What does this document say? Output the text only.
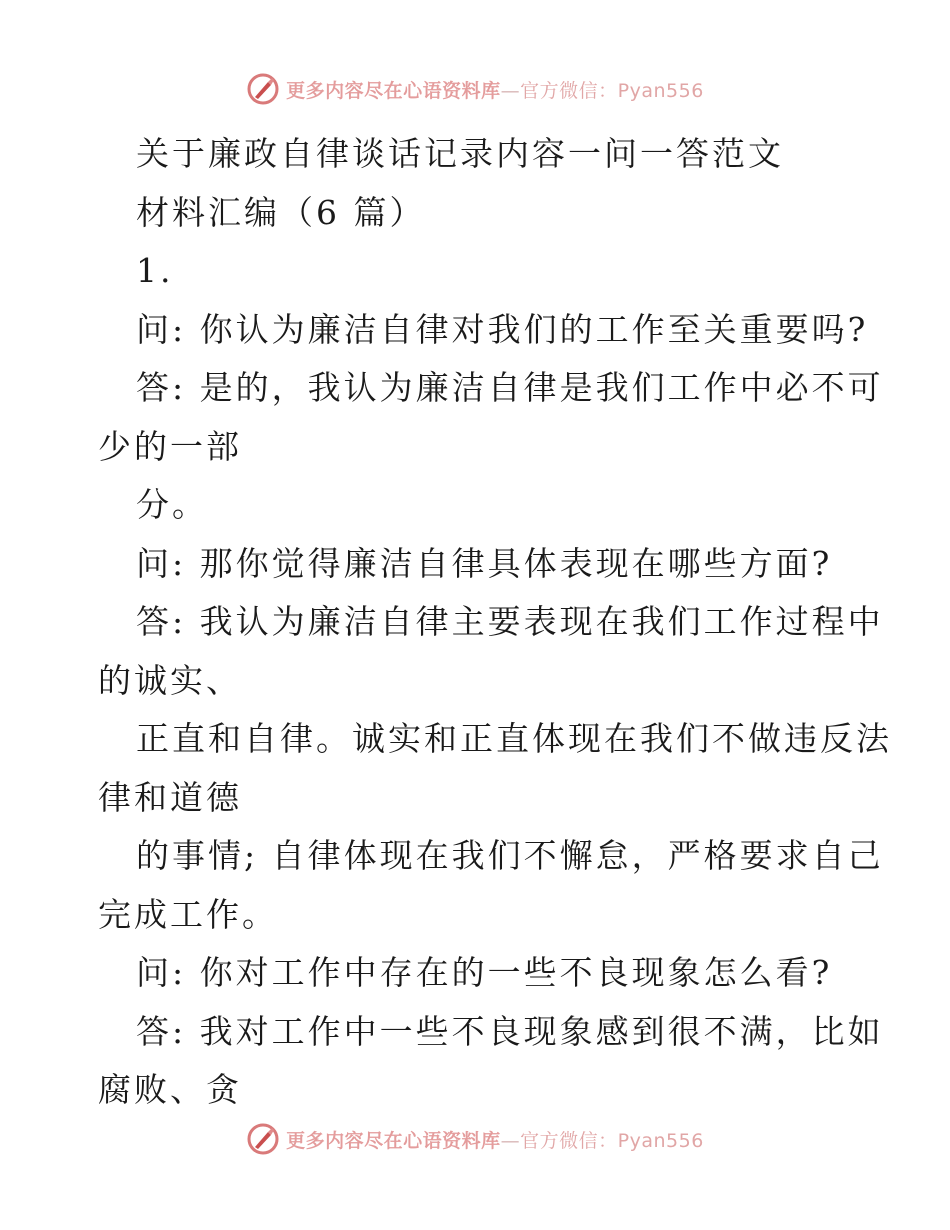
更多内容尽在心语资料库—官方微信：Pyan556
关于廉政自律谈话记录内容一问一答范文
材料汇编（6 篇）
1.
问: 你认为廉洁自律对我们的工作至关重要吗?
答: 是的，我认为廉洁自律是我们工作中必不可
少的一部
分。
问: 那你觉得廉洁自律具体表现在哪些方面?
答: 我认为廉洁自律主要表现在我们工作过程中
的诚实、
正直和自律。诚实和正直体现在我们不做违反法
律和道德
的事情; 自律体现在我们不懈怠，严格要求自己
完成工作。
问: 你对工作中存在的一些不良现象怎么看?
答: 我对工作中一些不良现象感到很不满，比如
腐败、贪
更多内容尽在心语资料库—官方微信：Pyan556
